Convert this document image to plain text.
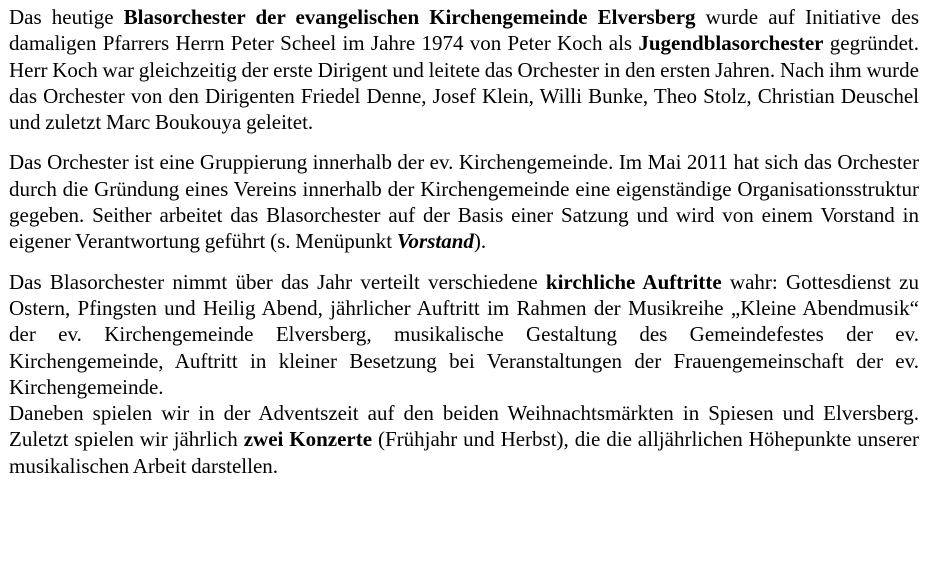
Das heutige Blasorchester der evangelischen Kirchengemeinde Elversberg wurde auf Initiative des damaligen Pfarrers Herrn Peter Scheel im Jahre 1974 von Peter Koch als Jugendblasorchester gegründet. Herr Koch war gleichzeitig der erste Dirigent und leitete das Orchester in den ersten Jahren. Nach ihm wurde das Orchester von den Dirigenten Friedel Denne, Josef Klein, Willi Bunke, Theo Stolz, Christian Deuschel und zuletzt Marc Boukouya geleitet.

Das Orchester ist eine Gruppierung innerhalb der ev. Kirchengemeinde. Im Mai 2011 hat sich das Orchester durch die Gründung eines Vereins innerhalb der Kirchengemeinde eine eigenständige Organisationsstruktur gegeben. Seither arbeitet das Blasorchester auf der Basis einer Satzung und wird von einem Vorstand in eigener Verantwortung geführt (s. Menüpunkt Vorstand).

Das Blasorchester nimmt über das Jahr verteilt verschiedene kirchliche Auftritte wahr: Gottesdienst zu Ostern, Pfingsten und Heilig Abend, jährlicher Auftritt im Rahmen der Musikreihe „Kleine Abendmusik“ der ev. Kirchengemeinde Elversberg, musikalische Gestaltung des Gemeindefestes der ev. Kirchengemeinde, Auftritt in kleiner Besetzung bei Veranstaltungen der Frauengemeinschaft der ev. Kirchengemeinde.

Daneben spielen wir in der Adventszeit auf den beiden Weihnachtsmärkten in Spiesen und Elversberg. Zuletzt spielen wir jährlich zwei Konzerte (Frühjahr und Herbst), die die alljährlichen Höhepunkte unserer musikalischen Arbeit darstellen.
